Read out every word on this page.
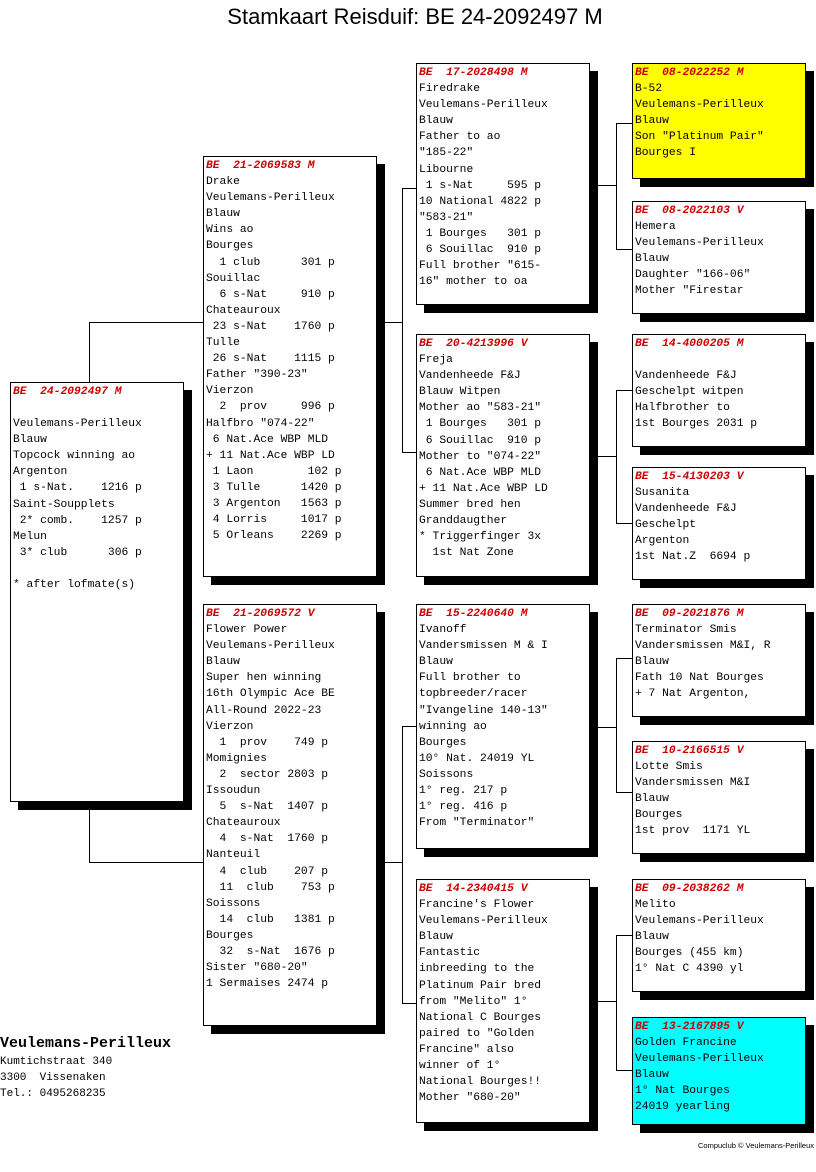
Stamkaart Reisduif: BE 24-2092497 M
BE  24-2092497 M
Veulemans-Perilleux
Blauw
Topcock winning ao
Argenton
1 s-Nat.    1216 p
Saint-Soupplets
2* comb.    1257 p
Melun
3* club      306 p
* after lofmate(s)
BE  21-2069583 M
Drake
Veulemans-Perilleux
Blauw
Wins ao
Bourges
1 club      301 p
Souillac
6 s-Nat     910 p
Chateauroux
23 s-Nat    1760 p
Tulle
26 s-Nat    1115 p
Father "390-23"
Vierzon
2  prov     996 p
Halfbro "074-22"
6 Nat.Ace WBP MLD
+ 11 Nat.Ace WBP LD
1 Laon        102 p
3 Tulle      1420 p
3 Argenton   1563 p
4 Lorris     1017 p
5 Orleans    2269 p
BE  21-2069572 V
Flower Power
Veulemans-Perilleux
Blauw
Super hen winning
16th Olympic Ace BE
All-Round 2022-23
Vierzon
1  prov    749 p
Momignies
2  sector 2803 p
Issoudun
5  s-Nat  1407 p
Chateauroux
4  s-Nat  1760 p
Nanteuil
4  club    207 p
11  club    753 p
Soissons
14  club   1381 p
Bourges
32  s-Nat  1676 p
Sister "680-20"
1 Sermaises 2474 p
BE  17-2028498 M
Firedrake
Veulemans-Perilleux
Blauw
Father to ao
"185-22"
Libourne
1 s-Nat     595 p
10 National 4822 p
"583-21"
1 Bourges   301 p
6 Souillac  910 p
Full brother "615-
16" mother to oa
BE  20-4213996 V
Freja
Vandenheede F&J
Blauw Witpen
Mother ao "583-21"
1 Bourges   301 p
6 Souillac  910 p
Mother to "074-22"
6 Nat.Ace WBP MLD
+ 11 Nat.Ace WBP LD
Summer bred hen
Granddaugther
* Triggerfinger 3x
1st Nat Zone
BE  15-2240640 M
Ivanoff
Vandersmissen M & I
Blauw
Full brother to
topbreeder/racer
"Ivangeline 140-13"
winning ao
Bourges
10° Nat. 24019 YL
Soissons
1° reg. 217 p
1° reg. 416 p
From "Terminator"
BE  14-2340415 V
Francine's Flower
Veulemans-Perilleux
Blauw
Fantastic
inbreeding to the
Platinum Pair bred
from "Melito" 1°
National C Bourges
paired to "Golden
Francine" also
winner of 1°
National Bourges!!
Mother "680-20"
BE  08-2022252 M
B-52
Veulemans-Perilleux
Blauw
Son "Platinum Pair"
Bourges I
BE  08-2022103 V
Hemera
Veulemans-Perilleux
Blauw
Daughter "166-06"
Mother "Firestar
BE  14-4000205 M
Vandenheede F&J
Geschelpt witpen
Halfbrother to
1st Bourges 2031 p
BE  15-4130203 V
Susanita
Vandenheede F&J
Geschelpt
Argenton
1st Nat.Z  6694 p
BE  09-2021876 M
Terminator Smis
Vandersmissen M&I, R
Blauw
Fath 10 Nat Bourges
+ 7 Nat Argenton,
BE  10-2166515 V
Lotte Smis
Vandersmissen M&I
Blauw
Bourges
1st prov  1171 YL
BE  09-2038262 M
Melito
Veulemans-Perilleux
Blauw
Bourges (455 km)
1° Nat C 4390 yl
BE  13-2167895 V
Golden Francine
Veulemans-Perilleux
Blauw
1° Nat Bourges
24019 yearling
Veulemans-Perilleux
Kumtichstraat 340
3300  Vissenaken
Tel.: 0495268235
Compuclub © Veulemans-Perilleux
